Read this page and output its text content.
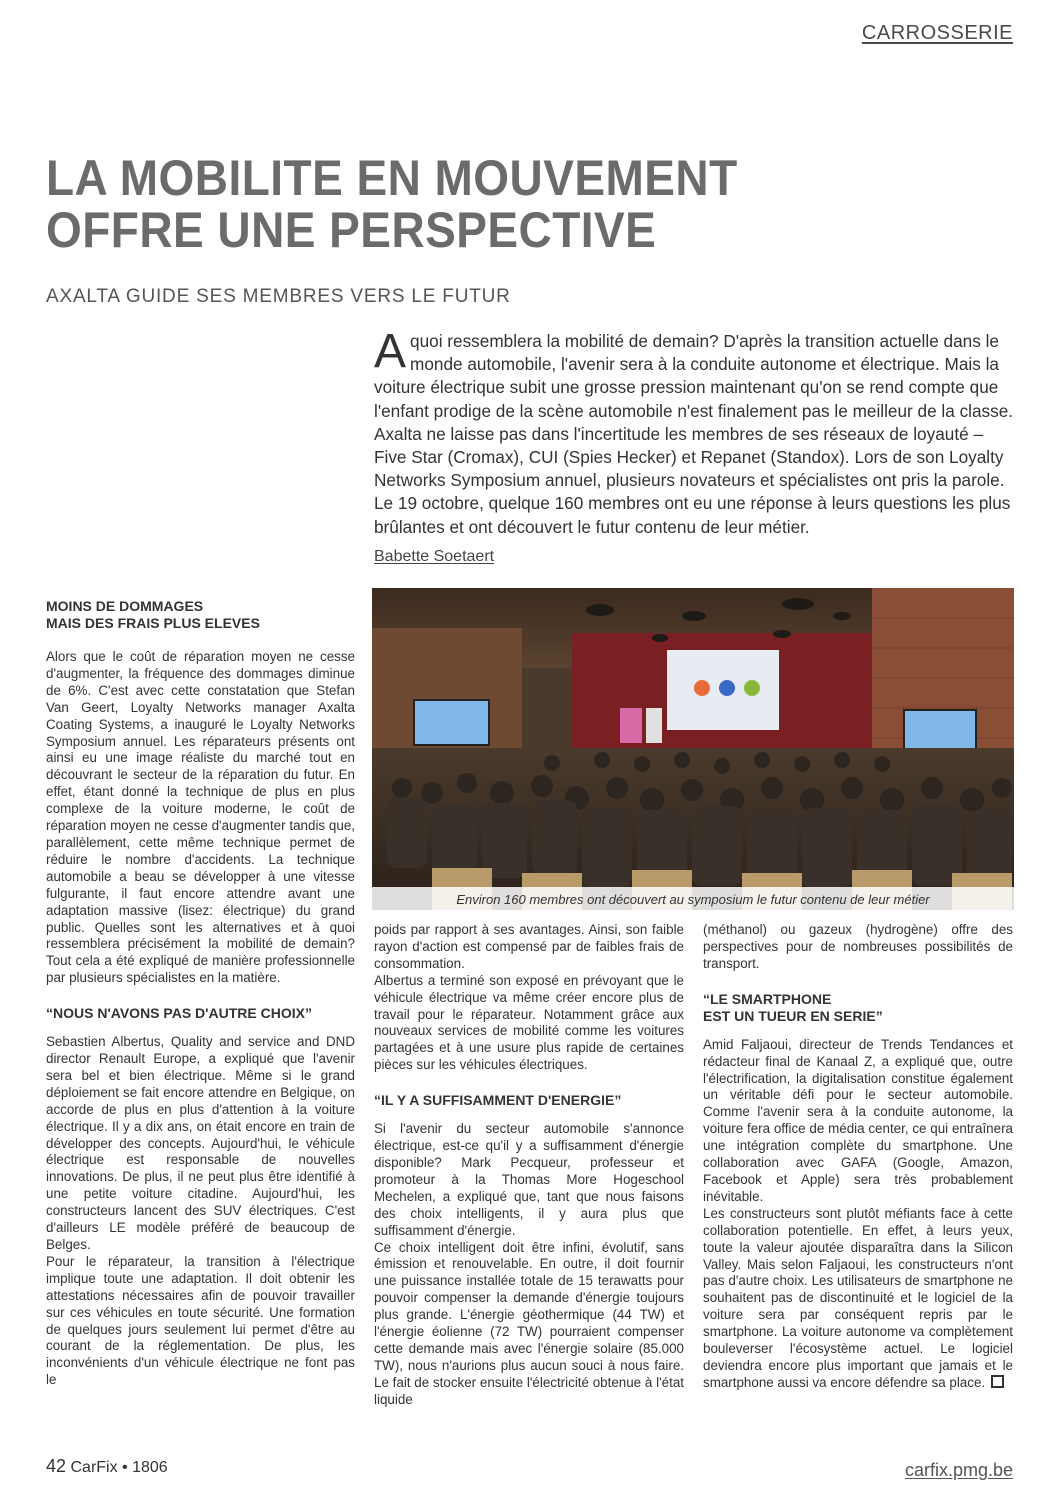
CARROSSERIE
LA MOBILITE EN MOUVEMENT
OFFRE UNE PERSPECTIVE
AXALTA GUIDE SES MEMBRES VERS LE FUTUR
A quoi ressemblera la mobilité de demain? D'après la transition actuelle dans le monde automobile, l'avenir sera à la conduite autonome et électrique. Mais la voiture électrique subit une grosse pression maintenant qu'on se rend compte que l'enfant prodige de la scène automobile n'est finalement pas le meilleur de la classe. Axalta ne laisse pas dans l'incertitude les membres de ses réseaux de loyauté – Five Star (Cromax), CUI (Spies Hecker) et Repanet (Standox). Lors de son Loyalty Networks Symposium annuel, plusieurs novateurs et spécialistes ont pris la parole. Le 19 octobre, quelque 160 membres ont eu une réponse à leurs questions les plus brûlantes et ont découvert le futur contenu de leur métier.
Babette Soetaert
Environ 160 membres ont découvert au symposium le futur contenu de leur métier
MOINS DE DOMMAGES
MAIS DES FRAIS PLUS ELEVES

Alors que le coût de réparation moyen ne cesse d'augmenter, la fréquence des dommages diminue de 6%. C'est avec cette constatation que Stefan Van Geert, Loyalty Networks manager Axalta Coating Systems, a inauguré le Loyalty Networks Symposium annuel. Les réparateurs présents ont ainsi eu une image réaliste du marché tout en découvrant le secteur de la réparation du futur. En effet, étant donné la technique de plus en plus complexe de la voiture moderne, le coût de réparation moyen ne cesse d'augmenter tandis que, parallèlement, cette même technique permet de réduire le nombre d'accidents. La technique automobile a beau se développer à une vitesse fulgurante, il faut encore attendre avant une adaptation massive (lisez: électrique) du grand public. Quelles sont les alternatives et à quoi ressemblera précisément la mobilité de demain? Tout cela a été expliqué de manière professionnelle par plusieurs spécialistes en la matière.

“NOUS N'AVONS PAS D'AUTRE CHOIX”

Sebastien Albertus, Quality and service and DND director Renault Europe, a expliqué que l'avenir sera bel et bien électrique. Même si le grand déploiement se fait encore attendre en Belgique, on accorde de plus en plus d'attention à la voiture électrique. Il y a dix ans, on était encore en train de développer des concepts. Aujourd'hui, le véhicule électrique est responsable de nouvelles innovations. De plus, il ne peut plus être identifié à une petite voiture citadine. Aujourd'hui, les constructeurs lancent des SUV électriques. C'est d'ailleurs LE modèle préféré de beaucoup de Belges.

Pour le réparateur, la transition à l'électrique implique toute une adaptation. Il doit obtenir les attestations nécessaires afin de pouvoir travailler sur ces véhicules en toute sécurité. Une formation de quelques jours seulement lui permet d'être au courant de la réglementation. De plus, les inconvénients d'un véhicule électrique ne font pas le

poids par rapport à ses avantages. Ainsi, son faible rayon d'action est compensé par de faibles frais de consommation.

Albertus a terminé son exposé en prévoyant que le véhicule électrique va même créer encore plus de travail pour le réparateur. Notamment grâce aux nouveaux services de mobilité comme les voitures partagées et à une usure plus rapide de certaines pièces sur les véhicules électriques.

“IL Y A SUFFISAMMENT D'ENERGIE”

Si l'avenir du secteur automobile s'annonce électrique, est-ce qu'il y a suffisamment d'énergie disponible? Mark Pecqueur, professeur et promoteur à la Thomas More Hogeschool Mechelen, a expliqué que, tant que nous faisons des choix intelligents, il y aura plus que suffisamment d'énergie.

Ce choix intelligent doit être infini, évolutif, sans émission et renouvelable. En outre, il doit fournir une puissance installée totale de 15 terawatts pour pouvoir compenser la demande d'énergie toujours plus grande. L'énergie géothermique (44 TW) et l'énergie éolienne (72 TW) pourraient compenser cette demande mais avec l'énergie solaire (85.000 TW), nous n'aurions plus aucun souci à nous faire. Le fait de stocker ensuite l'électricité obtenue à l'état liquide

(méthanol) ou gazeux (hydrogène) offre des perspectives pour de nombreuses possibilités de transport.

“LE SMARTPHONE
EST UN TUEUR EN SERIE”

Amid Faljaoui, directeur de Trends Tendances et rédacteur final de Kanaal Z, a expliqué que, outre l'électrification, la digitalisation constitue également un véritable défi pour le secteur automobile. Comme l'avenir sera à la conduite autonome, la voiture fera office de média center, ce qui entraînera une intégration complète du smartphone. Une collaboration avec GAFA (Google, Amazon, Facebook et Apple) sera très probablement inévitable.

Les constructeurs sont plutôt méfiants face à cette collaboration potentielle. En effet, à leurs yeux, toute la valeur ajoutée disparaîtra dans la Silicon Valley. Mais selon Faljaoui, les constructeurs n'ont pas d'autre choix. Les utilisateurs de smartphone ne souhaitent pas de discontinuité et le logiciel de la voiture sera par conséquent repris par le smartphone. La voiture autonome va complètement bouleverser l'écosystème actuel. Le logiciel deviendra encore plus important que jamais et le smartphone aussi va encore défendre sa place.

42 CarFix • 1806	carfix.pmg.be
